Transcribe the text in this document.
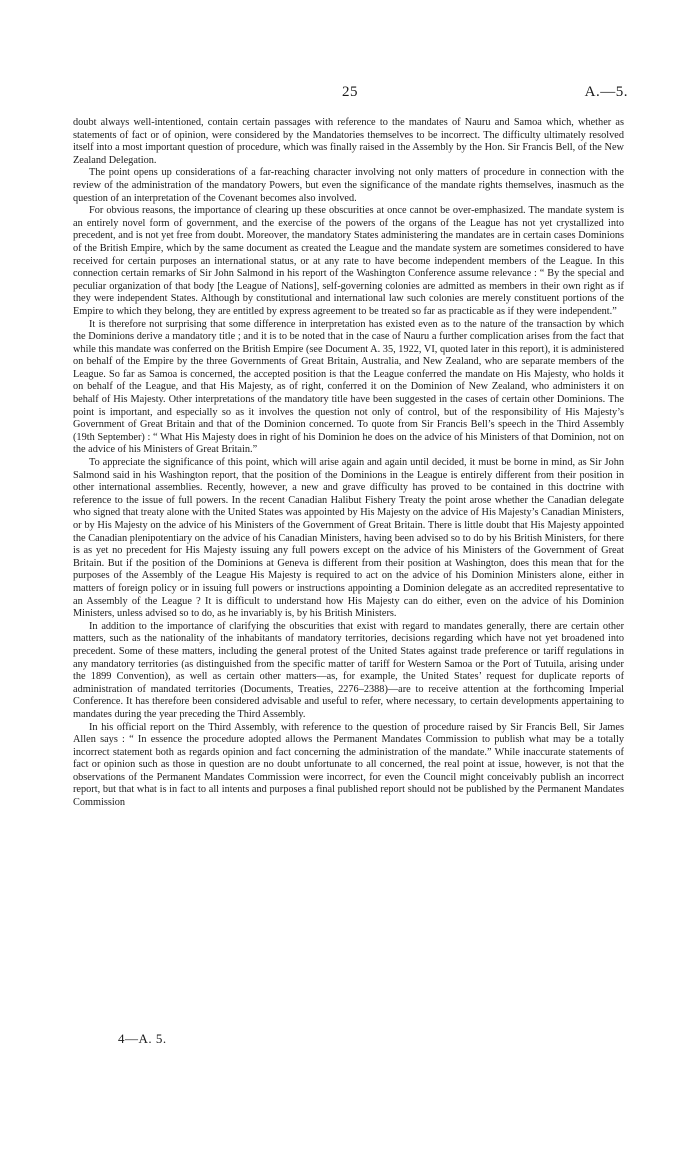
25	A.—5.

doubt always well-intentioned, contain certain passages with reference to the mandates of Nauru and Samoa which, whether as statements of fact or of opinion, were considered by the Mandatories themselves to be incorrect. The difficulty ultimately resolved itself into a most important question of procedure, which was finally raised in the Assembly by the Hon. Sir Francis Bell, of the New Zealand Delegation.

The point opens up considerations of a far-reaching character involving not only matters of procedure in connection with the review of the administration of the mandatory Powers, but even the significance of the mandate rights themselves, inasmuch as the question of an interpretation of the Covenant becomes also involved.

For obvious reasons, the importance of clearing up these obscurities at once cannot be over-emphasized. The mandate system is an entirely novel form of government, and the exercise of the powers of the organs of the League has not yet crystallized into precedent, and is not yet free from doubt. Moreover, the mandatory States administering the mandates are in certain cases Dominions of the British Empire, which by the same document as created the League and the mandate system are sometimes considered to have received for certain purposes an international status, or at any rate to have become independent members of the League. In this connection certain remarks of Sir John Salmond in his report of the Washington Conference assume relevance : “ By the special and peculiar organization of that body [the League of Nations], self-governing colonies are admitted as members in their own right as if they were independent States. Although by constitutional and international law such colonies are merely constituent portions of the Empire to which they belong, they are entitled by express agreement to be treated so far as practicable as if they were independent.”

It is therefore not surprising that some difference in interpretation has existed even as to the nature of the transaction by which the Dominions derive a mandatory title ; and it is to be noted that in the case of Nauru a further complication arises from the fact that while this mandate was conferred on the British Empire (see Document A. 35, 1922, VI, quoted later in this report), it is administered on behalf of the Empire by the three Governments of Great Britain, Australia, and New Zealand, who are separate members of the League. So far as Samoa is concerned, the accepted position is that the League conferred the mandate on His Majesty, who holds it on behalf of the League, and that His Majesty, as of right, conferred it on the Dominion of New Zealand, who administers it on behalf of His Majesty. Other interpretations of the mandatory title have been suggested in the cases of certain other Dominions. The point is important, and especially so as it involves the question not only of control, but of the responsibility of His Majesty’s Government of Great Britain and that of the Dominion concerned. To quote from Sir Francis Bell’s speech in the Third Assembly (19th September) : “ What His Majesty does in right of his Dominion he does on the advice of his Ministers of that Dominion, not on the advice of his Ministers of Great Britain.”

To appreciate the significance of this point, which will arise again and again until decided, it must be borne in mind, as Sir John Salmond said in his Washington report, that the position of the Dominions in the League is entirely different from their position in other international assemblies. Recently, however, a new and grave difficulty has proved to be contained in this doctrine with reference to the issue of full powers. In the recent Canadian Halibut Fishery Treaty the point arose whether the Canadian delegate who signed that treaty alone with the United States was appointed by His Majesty on the advice of His Majesty’s Canadian Ministers, or by His Majesty on the advice of his Ministers of the Government of Great Britain. There is little doubt that His Majesty appointed the Canadian plenipotentiary on the advice of his Canadian Ministers, having been advised so to do by his British Ministers, for there is as yet no precedent for His Majesty issuing any full powers except on the advice of his Ministers of the Government of Great Britain. But if the position of the Dominions at Geneva is different from their position at Washington, does this mean that for the purposes of the Assembly of the League His Majesty is required to act on the advice of his Dominion Ministers alone, either in matters of foreign policy or in issuing full powers or instructions appointing a Dominion delegate as an accredited representative to an Assembly of the League ? It is difficult to understand how His Majesty can do either, even on the advice of his Dominion Ministers, unless advised so to do, as he invariably is, by his British Ministers.

In addition to the importance of clarifying the obscurities that exist with regard to mandates generally, there are certain other matters, such as the nationality of the inhabitants of mandatory territories, decisions regarding which have not yet broadened into precedent. Some of these matters, including the general protest of the United States against trade preference or tariff regulations in any mandatory territories (as distinguished from the specific matter of tariff for Western Samoa or the Port of Tutuila, arising under the 1899 Convention), as well as certain other matters—as, for example, the United States’ request for duplicate reports of administration of mandated territories (Documents, Treaties, 2276–2388)—are to receive attention at the forthcoming Imperial Conference. It has therefore been considered advisable and useful to refer, where necessary, to certain developments appertaining to mandates during the year preceding the Third Assembly.

In his official report on the Third Assembly, with reference to the question of procedure raised by Sir Francis Bell, Sir James Allen says : “ In essence the procedure adopted allows the Permanent Mandates Commission to publish what may be a totally incorrect statement both as regards opinion and fact concerning the administration of the mandate.” While inaccurate statements of fact or opinion such as those in question are no doubt unfortunate to all concerned, the real point at issue, however, is not that the observations of the Permanent Mandates Commission were incorrect, for even the Council might conceivably publish an incorrect report, but that what is in fact to all intents and purposes a final published report should not be published by the Permanent Mandates Commission

4—A. 5.
